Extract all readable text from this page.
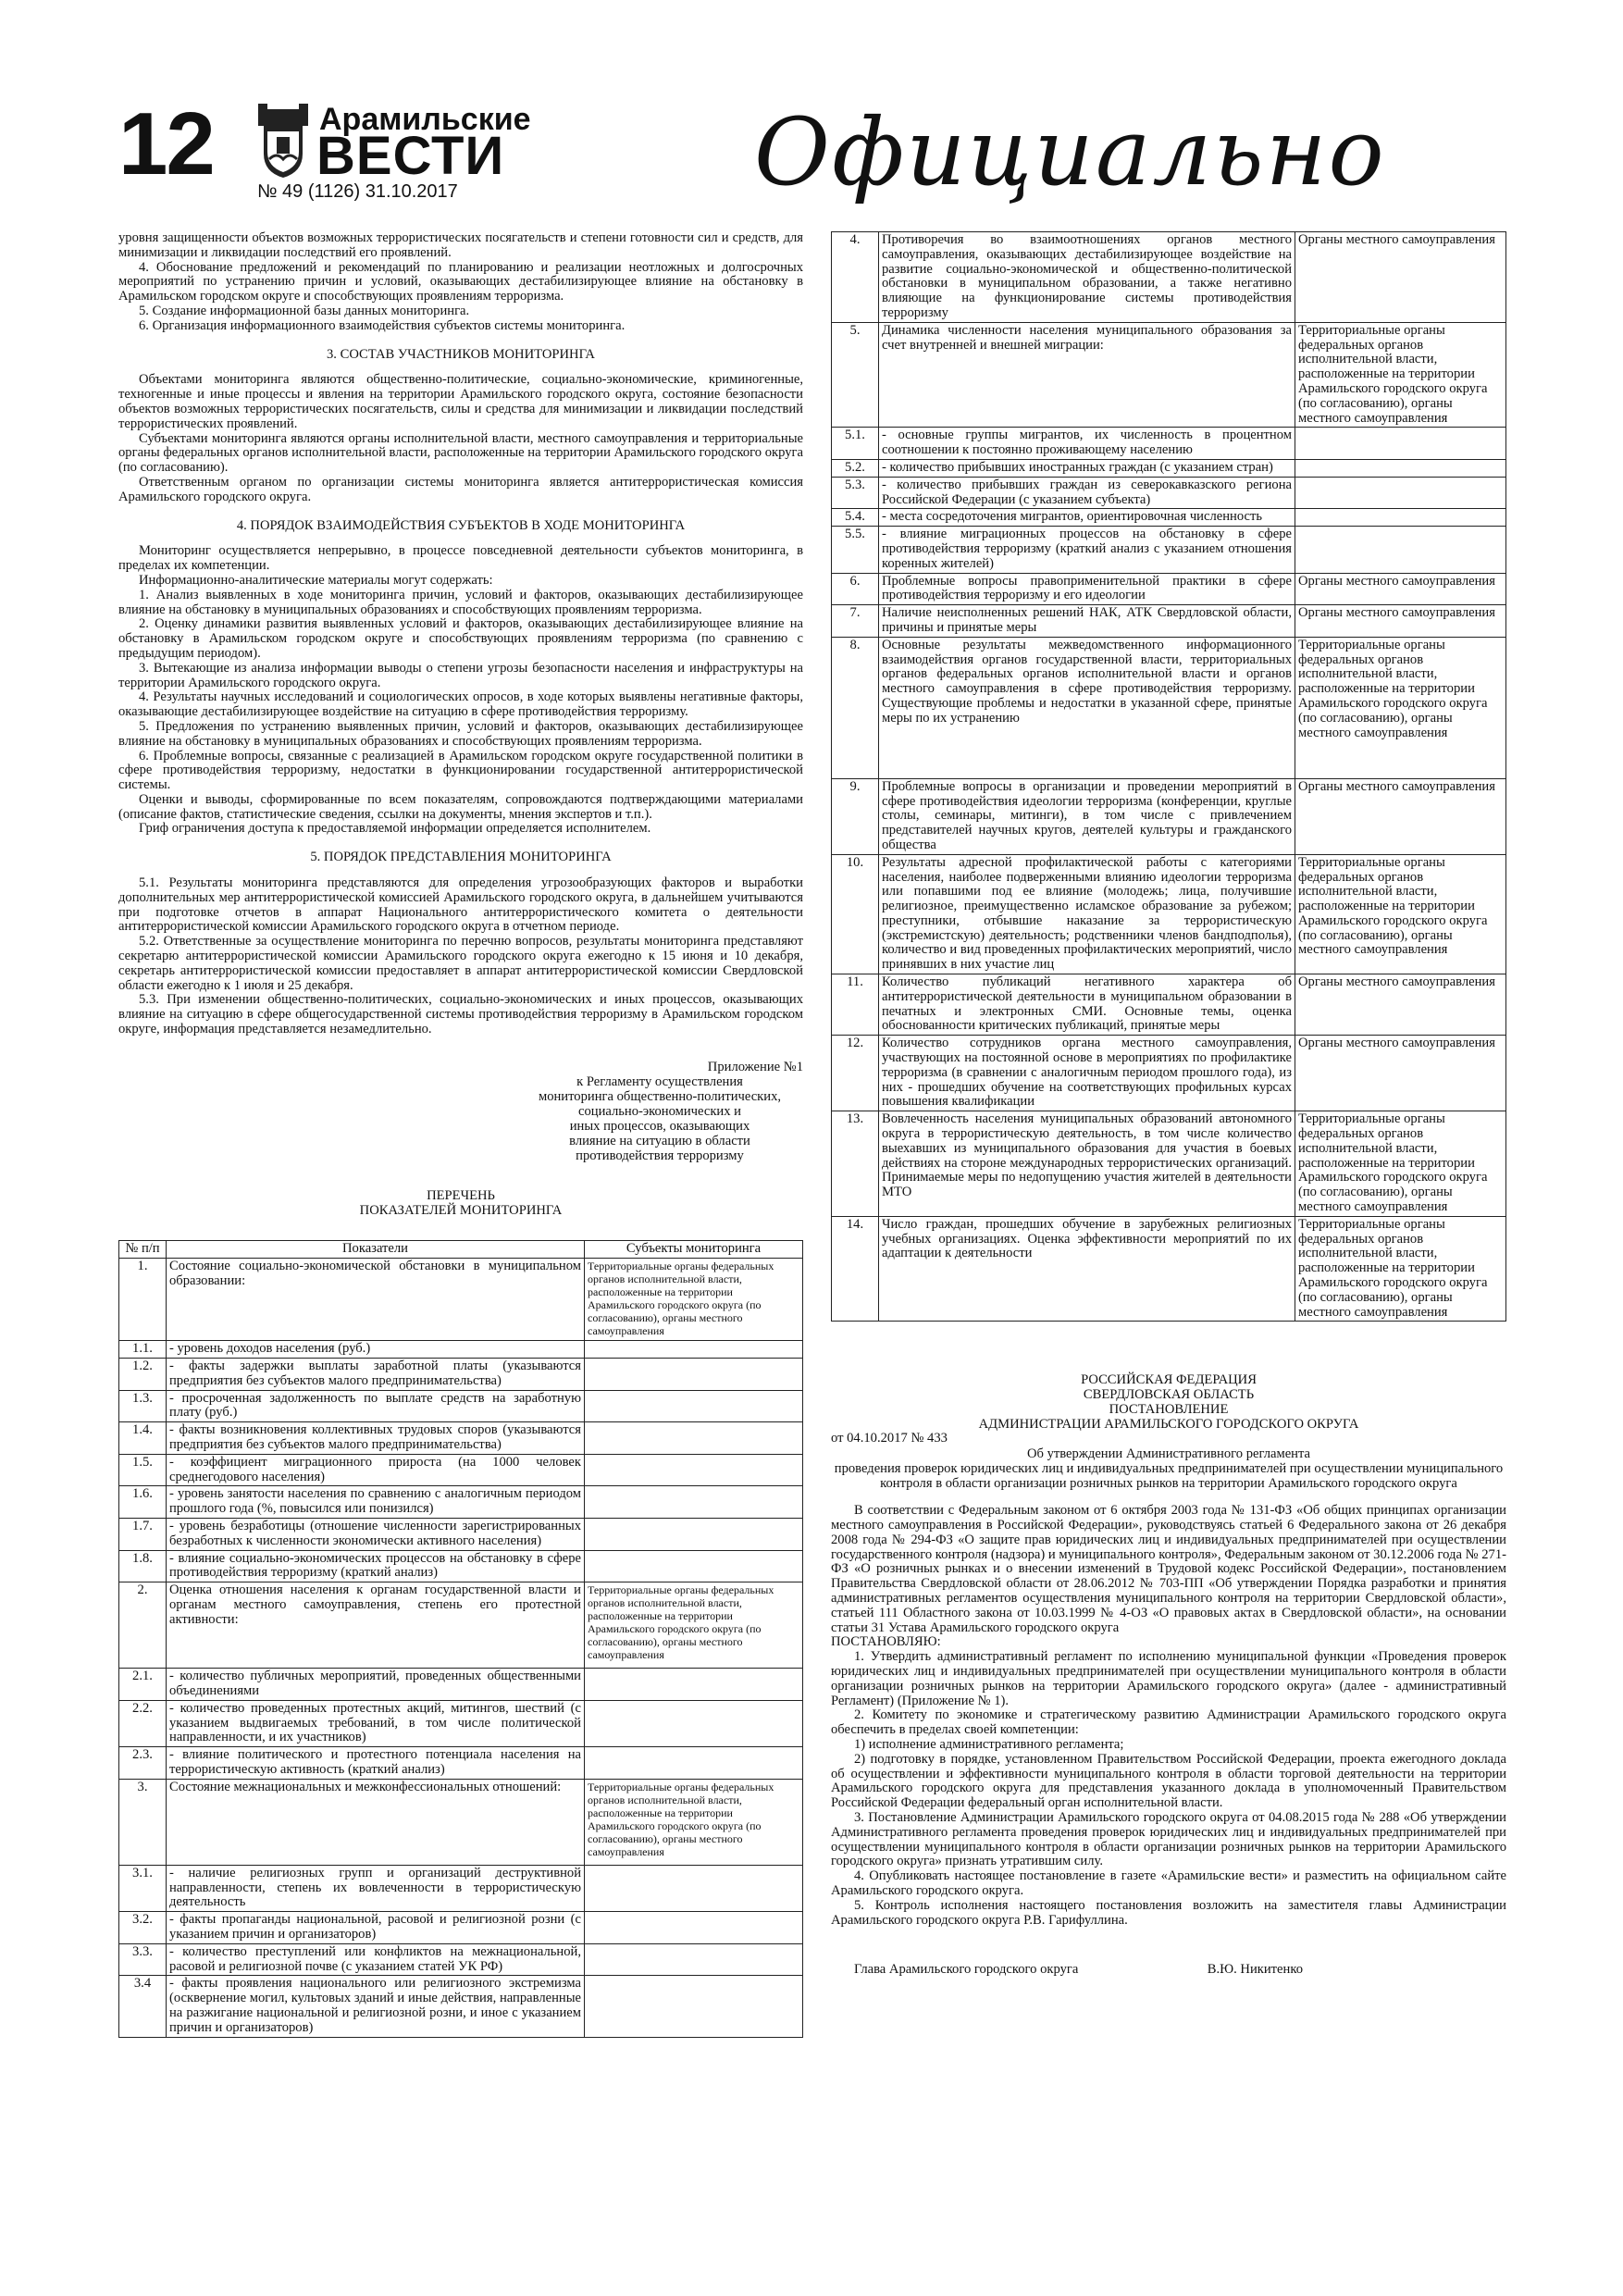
12	Арамильские
ВЕСТИ
№ 49 (1126) 31.10.2017	Официально

уровня защищенности объектов возможных террористических посягательств и степени готовности сил и средств, для минимизации и ликвидации последствий его проявлений.

4. Обоснование предложений и рекомендаций по планированию и реализации неотложных и долгосрочных мероприятий по устранению причин и условий, оказывающих дестабилизирующее влияние на обстановку в Арамильском городском округе и способствующих проявлениям терроризма.

5. Создание информационной базы данных мониторинга.

6. Организация информационного взаимодействия субъектов системы мониторинга.

3. СОСТАВ УЧАСТНИКОВ МОНИТОРИНГА

Объектами мониторинга являются общественно-политические, социально-экономические, криминогенные, техногенные и иные процессы и явления на территории Арамильского городского округа, состояние безопасности объектов возможных террористических посягательств, силы и средства для минимизации и ликвидации последствий террористических проявлений.

Субъектами мониторинга являются органы исполнительной власти, местного самоуправления и территориальные органы федеральных органов исполнительной власти, расположенные на территории Арамильского городского округа (по согласованию).

Ответственным органом по организации системы мониторинга является антитеррористическая комиссия Арамильского городского округа.

4. ПОРЯДОК ВЗАИМОДЕЙСТВИЯ СУБЪЕКТОВ В ХОДЕ МОНИТОРИНГА

Мониторинг осуществляется непрерывно, в процессе повседневной деятельности субъектов мониторинга, в пределах их компетенции.

Информационно-аналитические материалы могут содержать:

1. Анализ выявленных в ходе мониторинга причин, условий и факторов, оказывающих дестабилизирующее влияние на обстановку в муниципальных образованиях и способствующих проявлениям терроризма.

2. Оценку динамики развития выявленных условий и факторов, оказывающих дестабилизирующее влияние на обстановку в Арамильском городском округе и способствующих проявлениям терроризма (по сравнению с предыдущим периодом).

3. Вытекающие из анализа информации выводы о степени угрозы безопасности населения и инфраструктуры на территории Арамильского городского округа.

4. Результаты научных исследований и социологических опросов, в ходе которых выявлены негативные факторы, оказывающие дестабилизирующее воздействие на ситуацию в сфере противодействия терроризму.

5. Предложения по устранению выявленных причин, условий и факторов, оказывающих дестабилизирующее влияние на обстановку в муниципальных образованиях и способствующих проявлениям терроризма.

6. Проблемные вопросы, связанные с реализацией в Арамильском городском округе государственной политики в сфере противодействия терроризму, недостатки в функционировании государственной антитеррористической системы.

Оценки и выводы, сформированные по всем показателям, сопровождаются подтверждающими материалами (описание фактов, статистические сведения, ссылки на документы, мнения экспертов и т.п.).

Гриф ограничения доступа к предоставляемой информации определяется исполнителем.

5. ПОРЯДОК ПРЕДСТАВЛЕНИЯ МОНИТОРИНГА

5.1. Результаты мониторинга представляются для определения угрозообразующих факторов и выработки дополнительных мер антитеррористической комиссией Арамильского городского округа, в дальнейшем учитываются при подготовке отчетов в аппарат Национального антитеррористического комитета о деятельности антитеррористической комиссии Арамильского городского округа в отчетном периоде.

5.2. Ответственные за осуществление мониторинга по перечню вопросов, результаты мониторинга представляют секретарю антитеррористической комиссии Арамильского городского округа ежегодно к 15 июня и 10 декабря, секретарь антитеррористической комиссии предоставляет в аппарат антитеррористической комиссии Свердловской области ежегодно к 1 июля и 25 декабря.

5.3. При изменении общественно-политических, социально-экономических и иных процессов, оказывающих влияние на ситуацию в сфере общегосударственной системы противодействия терроризму в Арамильском городском округе, информация представляется незамедлительно.

Приложение №1
к Регламенту осуществления
мониторинга общественно-политических,
социально-экономических и
иных процессов, оказывающих
влияние на ситуацию в области
противодействия терроризму
ПЕРЕЧЕНЬ
ПОКАЗАТЕЛЕЙ МОНИТОРИНГА
№ п/п	Показатели	Субъекты мониторинга
1.	Состояние социально-экономической обстановки в муниципальном образовании:	Территориальные органы федеральных органов исполнительной власти, расположенные на территории Арамильского городского округа (по согласованию), органы местного самоуправления
1.1.	- уровень доходов населения (руб.)	
1.2.	- факты задержки выплаты заработной платы (указываются предприятия без субъектов малого предпринимательства)	
1.3.	- просроченная задолженность по выплате средств на заработную плату (руб.)	
1.4.	- факты возникновения коллективных трудовых споров (указываются предприятия без субъектов малого предпринимательства)	
1.5.	- коэффициент миграционного прироста (на 1000 человек среднегодового населения)	
1.6.	- уровень занятости населения по сравнению с аналогичным периодом прошлого года (%, повысился или понизился)	
1.7.	- уровень безработицы (отношение численности зарегистрированных безработных к численности экономически активного населения)	
1.8.	- влияние социально-экономических процессов на обстановку в сфере противодействия терроризму (краткий анализ)	
2.	Оценка отношения населения к органам государственной власти и органам местного самоуправления, степень его протестной активности:	Территориальные органы федеральных органов исполнительной власти, расположенные на территории Арамильского городского округа (по согласованию), органы местного самоуправления
2.1.	- количество публичных мероприятий, проведенных общественными объединениями	
2.2.	- количество проведенных протестных акций, митингов, шествий (с указанием выдвигаемых требований, в том числе политической направленности, и их участников)	
2.3.	- влияние политического и протестного потенциала населения на террористическую активность (краткий анализ)	
3.	Состояние межнациональных и межконфессиональных отношений:	Территориальные органы федеральных органов исполнительной власти, расположенные на территории Арамильского городского округа (по согласованию), органы местного самоуправления
3.1.	- наличие религиозных групп и организаций деструктивной направленности, степень их вовлеченности в террористическую деятельность	
3.2.	- факты пропаганды национальной, расовой и религиозной розни (с указанием причин и организаторов)	
3.3.	- количество преступлений или конфликтов на межнациональной, расовой и религиозной почве (с указанием статей УК РФ)	
3.4	- факты проявления национального или религиозного экстремизма (осквернение могил, культовых зданий и иные действия, направленные на разжигание национальной и религиозной розни, и иное с указанием причин и организаторов)	
4.	Противоречия во взаимоотношениях органов местного самоуправления, оказывающих дестабилизирующее воздействие на развитие социально-экономической и общественно-политической обстановки в муниципальном образовании, а также негативно влияющие на функционирование системы противодействия терроризму	Органы местного самоуправления
5.	Динамика численности населения муниципального образования за счет внутренней и внешней миграции:	Территориальные органы федеральных органов исполнительной власти, расположенные на территории Арамильского городского округа (по согласованию), органы местного самоуправления
5.1.	- основные группы мигрантов, их численность в процентном соотношении к постоянно проживающему населению	
5.2.	- количество прибывших иностранных граждан (с указанием стран)	
5.3.	- количество прибывших граждан из северокавказского региона Российской Федерации (с указанием субъекта)	
5.4.	- места сосредоточения мигрантов, ориентировочная численность	
5.5.	- влияние миграционных процессов на обстановку в сфере противодействия терроризму (краткий анализ с указанием отношения коренных жителей)	
6.	Проблемные вопросы правоприменительной практики в сфере противодействия терроризму и его идеологии	Органы местного самоуправления
7.	Наличие неисполненных решений НАК, АТК Свердловской области, причины и принятые меры	Органы местного самоуправления
8.	Основные результаты межведомственного информационного взаимодействия органов государственной власти, территориальных органов федеральных органов исполнительной власти и органов местного самоуправления в сфере противодействия терроризму. Существующие проблемы и недостатки в указанной сфере, принятые меры по их устранению	Территориальные органы федеральных органов исполнительной власти, расположенные на территории Арамильского городского округа (по согласованию), органы местного самоуправления
9.	Проблемные вопросы в организации и проведении мероприятий в сфере противодействия идеологии терроризма (конференции, круглые столы, семинары, митинги), в том числе с привлечением представителей научных кругов, деятелей культуры и гражданского общества	Органы местного самоуправления
10.	Результаты адресной профилактической работы с категориями населения, наиболее подверженными влиянию идеологии терроризма или попавшими под ее влияние (молодежь; лица, получившие религиозное, преимущественно исламское образование за рубежом; преступники, отбывшие наказание за террористическую (экстремистскую) деятельность; родственники членов бандподполья), количество и вид проведенных профилактических мероприятий, число принявших в них участие лиц	Территориальные органы федеральных органов исполнительной власти, расположенные на территории Арамильского городского округа (по согласованию), органы местного самоуправления
11.	Количество публикаций негативного характера об антитеррористической деятельности в муниципальном образовании в печатных и электронных СМИ. Основные темы, оценка обоснованности критических публикаций, принятые меры	Органы местного самоуправления
12.	Количество сотрудников органа местного самоуправления, участвующих на постоянной основе в мероприятиях по профилактике терроризма (в сравнении с аналогичным периодом прошлого года), из них - прошедших обучение на соответствующих профильных курсах повышения квалификации	Органы местного самоуправления
13.	Вовлеченность населения муниципальных образований автономного округа в террористическую деятельность, в том числе количество выехавших из муниципального образования для участия в боевых действиях на стороне международных террористических организаций. Принимаемые меры по недопущению участия жителей в деятельности МТО	Территориальные органы федеральных органов исполнительной власти, расположенные на территории Арамильского городского округа (по согласованию), органы местного самоуправления
14.	Число граждан, прошедших обучение в зарубежных религиозных учебных организациях. Оценка эффективности мероприятий по их адаптации к деятельности	Территориальные органы федеральных органов исполнительной власти, расположенные на территории Арамильского городского округа (по согласованию), органы местного самоуправления
РОССИЙСКАЯ ФЕДЕРАЦИЯ
СВЕРДЛОВСКАЯ ОБЛАСТЬ
ПОСТАНОВЛЕНИЕ
АДМИНИСТРАЦИИ АРАМИЛЬСКОГО ГОРОДСКОГО ОКРУГА

от 04.10.2017 № 433

Об утверждении Административного регламента
проведения проверок юридических лиц и индивидуальных предпринимателей при осуществлении муниципального контроля в области организации розничных рынков на территории Арамильского городского округа

В соответствии с Федеральным законом от 6 октября 2003 года № 131-ФЗ «Об общих принципах организации местного самоуправления в Российской Федерации», руководствуясь статьей 6 Федерального закона от 26 декабря 2008 года № 294-ФЗ «О защите прав юридических лиц и индивидуальных предпринимателей при осуществлении государственного контроля (надзора) и муниципального контроля», Федеральным законом от 30.12.2006 года № 271-ФЗ «О розничных рынках и о внесении изменений в Трудовой кодекс Российской Федерации», постановлением Правительства Свердловской области от 28.06.2012 № 703-ПП «Об утверждении Порядка разработки и принятия административных регламентов осуществления муниципального контроля на территории Свердловской области», статьей 111 Областного закона от 10.03.1999 № 4-ОЗ «О правовых актах в Свердловской области», на основании статьи 31 Устава Арамильского городского округа

ПОСТАНОВЛЯЮ:

1. Утвердить административный регламент по исполнению муниципальной функции «Проведения проверок юридических лиц и индивидуальных предпринимателей при осуществлении муниципального контроля в области организации розничных рынков на территории Арамильского городского округа» (далее - административный Регламент) (Приложение № 1).

2. Комитету по экономике и стратегическому развитию Администрации Арамильского городского округа обеспечить в пределах своей компетенции:

1) исполнение административного регламента;

2) подготовку в порядке, установленном Правительством Российской Федерации, проекта ежегодного доклада об осуществлении и эффективности муниципального контроля в области торговой деятельности на территории Арамильского городского округа для представления указанного доклада в уполномоченный Правительством Российской Федерации федеральный орган исполнительной власти.

3. Постановление Администрации Арамильского городского округа от 04.08.2015 года № 288 «Об утверждении Административного регламента проведения проверок юридических лиц и индивидуальных предпринимателей при осуществлении муниципального контроля в области организации розничных рынков на территории Арамильского городского округа» признать утратившим силу.

4. Опубликовать настоящее постановление в газете «Арамильские вести» и разместить на официальном сайте Арамильского городского округа.

5. Контроль исполнения настоящего постановления возложить на заместителя главы Администрации Арамильского городского округа Р.В. Гарифуллина.

Глава Арамильского городского округа	В.Ю. Никитенко
